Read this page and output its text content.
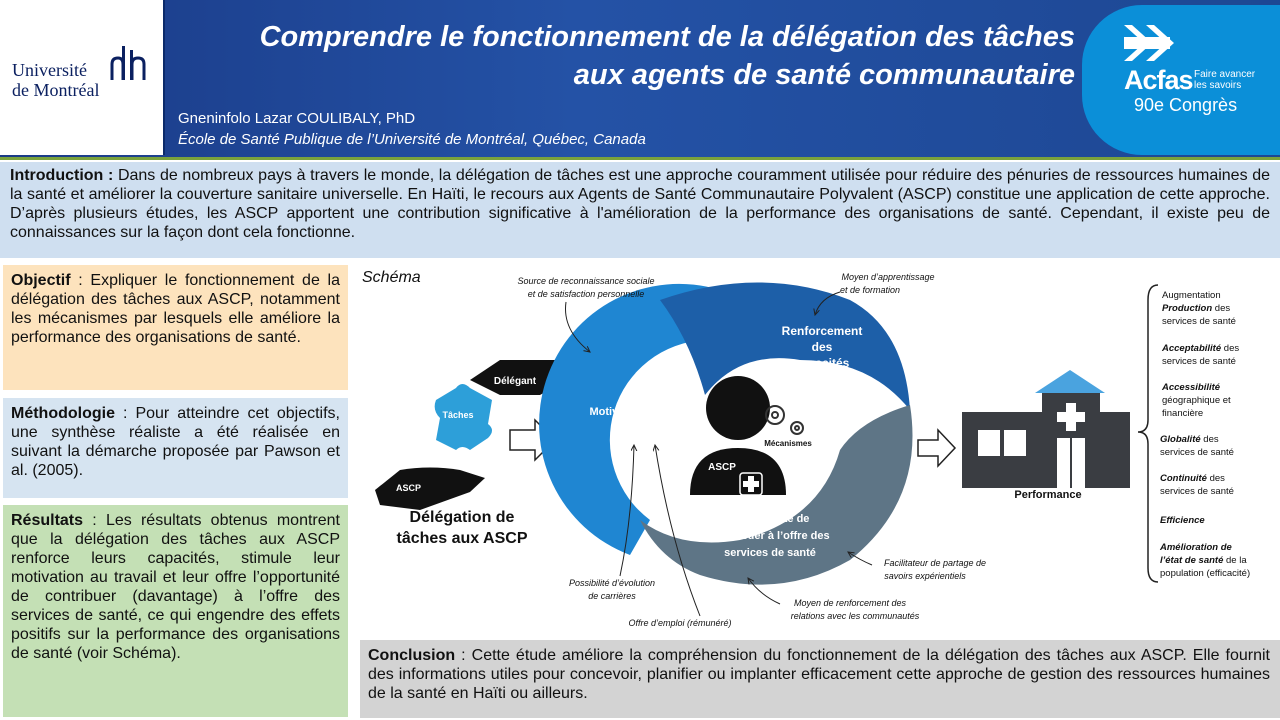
Université
de Montréal
Comprendre le fonctionnement de la délégation des tâches
aux agents de santé communautaire
Gneninfolo Lazar COULIBALY, PhD
École de Santé Publique de l’Université de Montréal, Québec, Canada
Acfas Faire avancer les savoirs
90e Congrès
Introduction : Dans de nombreux pays à travers le monde, la délégation de tâches est une approche couramment utilisée pour réduire des pénuries de ressources humaines de la santé et améliorer la couverture sanitaire universelle. En Haïti, le recours aux Agents de Santé Communautaire Polyvalent (ASCP) constitue une application de cette approche. D’après plusieurs études, les ASCP apportent une contribution significative à l'amélioration de la performance des organisations de santé. Cependant, il existe peu de connaissances sur la façon dont cela fonctionne.
Objectif : Expliquer le fonctionnement de la délégation des tâches aux ASCP, notamment les mécanismes par lesquels elle améliore la performance des organisations de santé.
Méthodologie : Pour atteindre cet objectifs, une synthèse réaliste a été réalisée en suivant la démarche proposée par Pawson et al. (2005).
Résultats : Les résultats obtenus montrent que la délégation des tâches aux ASCP renforce leurs capacités, stimule leur motivation au travail et leur offre l’opportunité de contribuer (davantage) à l’offre des services de santé, ce qui engendre des effets positifs sur la performance des organisations de santé (voir Schéma).
Schéma
Délégant
Tâches
ASCP
Délégation de
tâches aux ASCP
Renforcement
des
capacités
Motivation des
ASCP
Opportunité de
contribuer à l’offre des
services de santé
ASCP
Mécanismes
Source de reconnaissance sociale
et de satisfaction personnelle
Moyen d’apprentissage
et de formation
Possibilité d’évolution
de carrières
Offre d’emploi (rémunéré)
Moyen de renforcement des
relations avec les communautés
Facilitateur de partage de
savoirs expérientiels
Performance
Augmentation
Production des
services de santé
Acceptabilité des
services de santé
Accessibilité
géographique et
financière
Globalité des
services de santé
Continuité des
services de santé
Efficience
Amélioration de
l’état de santé de la
population (efficacité)
Conclusion : Cette étude améliore la compréhension du fonctionnement de la délégation des tâches aux ASCP. Elle fournit des informations utiles pour concevoir, planifier ou implanter efficacement cette approche de gestion des ressources humaines de la santé en Haïti ou ailleurs.
